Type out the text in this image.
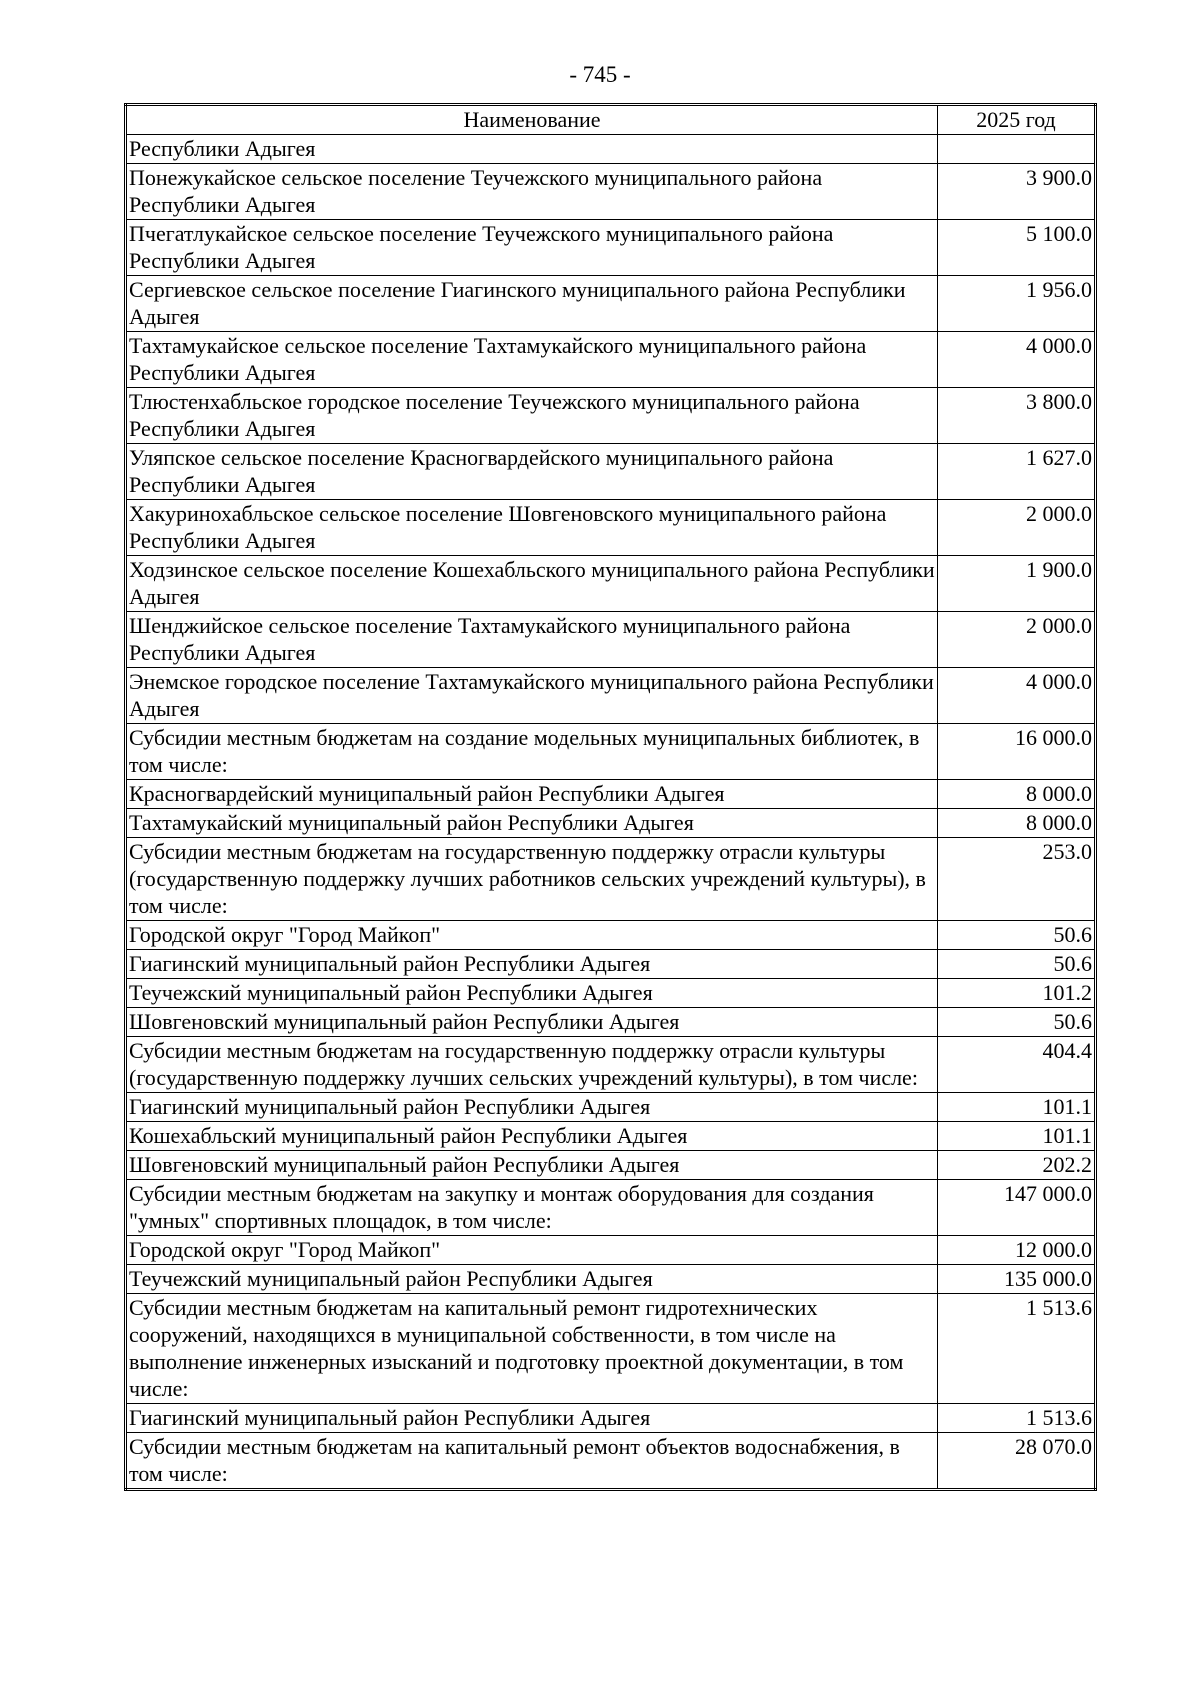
- 745 -
Наименование	2025 год
Республики Адыгея	
Понежукайское сельское поселение Теучежского муниципального района Республики Адыгея	3 900.0
Пчегатлукайское сельское поселение Теучежского муниципального района Республики Адыгея	5 100.0
Сергиевское сельское поселение Гиагинского муниципального района Республики Адыгея	1 956.0
Тахтамукайское сельское поселение Тахтамукайского муниципального района Республики Адыгея	4 000.0
Тлюстенхабльское городское поселение Теучежского муниципального района Республики Адыгея	3 800.0
Уляпское сельское поселение Красногвардейского муниципального района Республики Адыгея	1 627.0
Хакуринохабльское сельское поселение Шовгеновского муниципального района Республики Адыгея	2 000.0
Ходзинское сельское поселение Кошехабльского муниципального района Республики Адыгея	1 900.0
Шенджийское сельское поселение Тахтамукайского муниципального района Республики Адыгея	2 000.0
Энемское городское поселение Тахтамукайского муниципального района Республики Адыгея	4 000.0
Субсидии местным бюджетам на создание модельных муниципальных библиотек, в том числе:	16 000.0
Красногвардейский муниципальный район Республики Адыгея	8 000.0
Тахтамукайский муниципальный район Республики Адыгея	8 000.0
Субсидии местным бюджетам на государственную поддержку отрасли культуры (государственную поддержку лучших работников сельских учреждений культуры), в том числе:	253.0
Городской округ "Город Майкоп"	50.6
Гиагинский муниципальный район Республики Адыгея	50.6
Теучежский муниципальный район Республики Адыгея	101.2
Шовгеновский муниципальный район Республики Адыгея	50.6
Субсидии местным бюджетам на государственную поддержку отрасли культуры (государственную поддержку лучших сельских учреждений культуры), в том числе:	404.4
Гиагинский муниципальный район Республики Адыгея	101.1
Кошехабльский муниципальный район Республики Адыгея	101.1
Шовгеновский муниципальный район Республики Адыгея	202.2
Субсидии местным бюджетам на закупку и монтаж оборудования для создания "умных" спортивных площадок, в том числе:	147 000.0
Городской округ "Город Майкоп"	12 000.0
Теучежский муниципальный район Республики Адыгея	135 000.0
Субсидии местным бюджетам на капитальный ремонт гидротехнических сооружений, находящихся в муниципальной собственности, в том числе на выполнение инженерных изысканий и подготовку проектной документации, в том числе:	1 513.6
Гиагинский муниципальный район Республики Адыгея	1 513.6
Субсидии местным бюджетам на капитальный ремонт объектов водоснабжения, в том числе:	28 070.0
